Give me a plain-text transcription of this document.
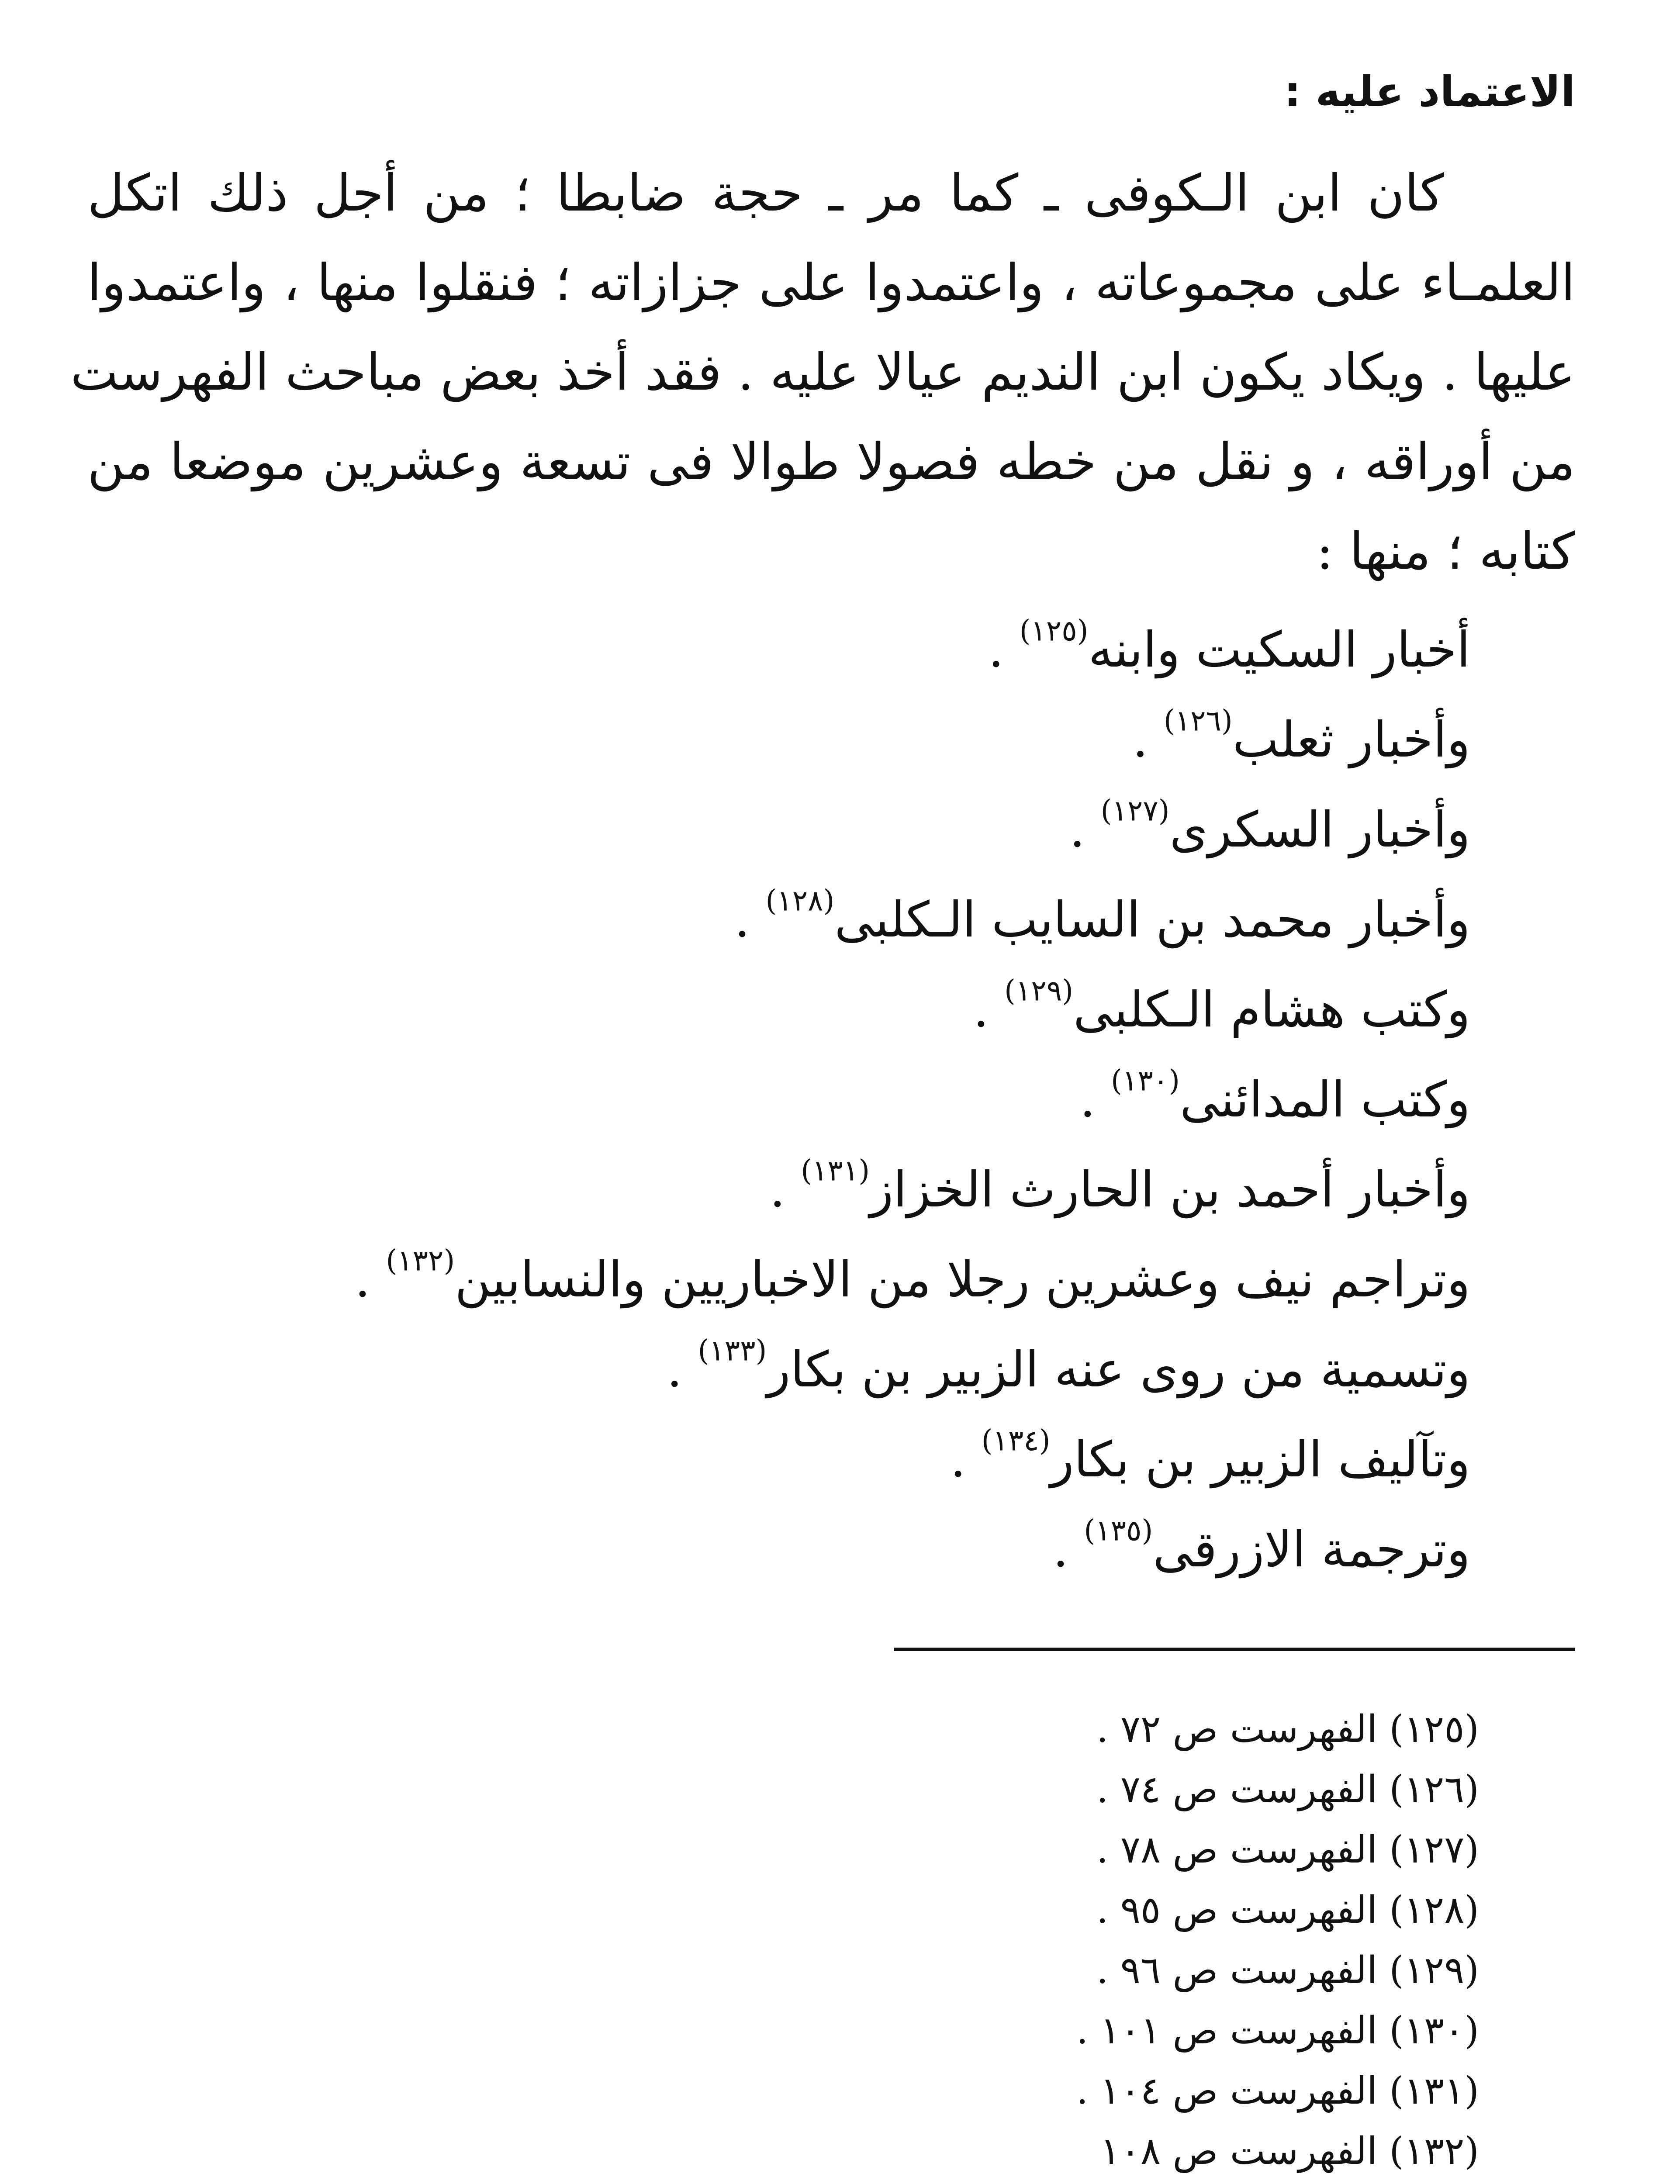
الاعتماد عليه :
كان ابن الـكوفى ـ كما مر ـ حجة ضابطا ؛ من أجل ذلك اتكل
العلمـاء على مجموعاته ، واعتمدوا على جزازاته ؛ فنقلوا منها ، واعتمدوا
عليها . ويكاد يكون ابن النديم عيالا عليه . فقد أخذ بعض مباحث الفهرست
من أوراقه ، و نقل من خطه فصولا طوالا فى تسعة وعشرين موضعا من
كتابه ؛ منها :
أخبار السكيت وابنه$^{(١٢٥)}$ .
وأخبار ثعلب$^{(١٢٦)}$ .
وأخبار السكرى$^{(١٢٧)}$ .
وأخبار محمد بن السايب الـكلبى$^{(١٢٨)}$ .
وكتب هشام الـكلبى$^{(١٢٩)}$ .
وكتب المدائنى$^{(١٣٠)}$ .
وأخبار أحمد بن الحارث الخزاز$^{(١٣١)}$ .
وتراجم نيف وعشرين رجلا من الاخباريين والنسابين$^{(١٣٢)}$ .
وتسمية من روى عنه الزبير بن بكار$^{(١٣٣)}$ .
وتآليف الزبير بن بكار$^{(١٣٤)}$ .
وترجمة الازرقى$^{(١٣٥)}$ .
(١٢٥) الفهرست ص ٧٢ .
(١٢٦) الفهرست ص ٧٤ .
(١٢٧) الفهرست ص ٧٨ .
(١٢٨) الفهرست ص ٩٥ .
(١٢٩) الفهرست ص ٩٦ .
(١٣٠) الفهرست ص ١٠١ .
(١٣١) الفهرست ص ١٠٤ .
(١٣٢) الفهرست ص ١٠٨
